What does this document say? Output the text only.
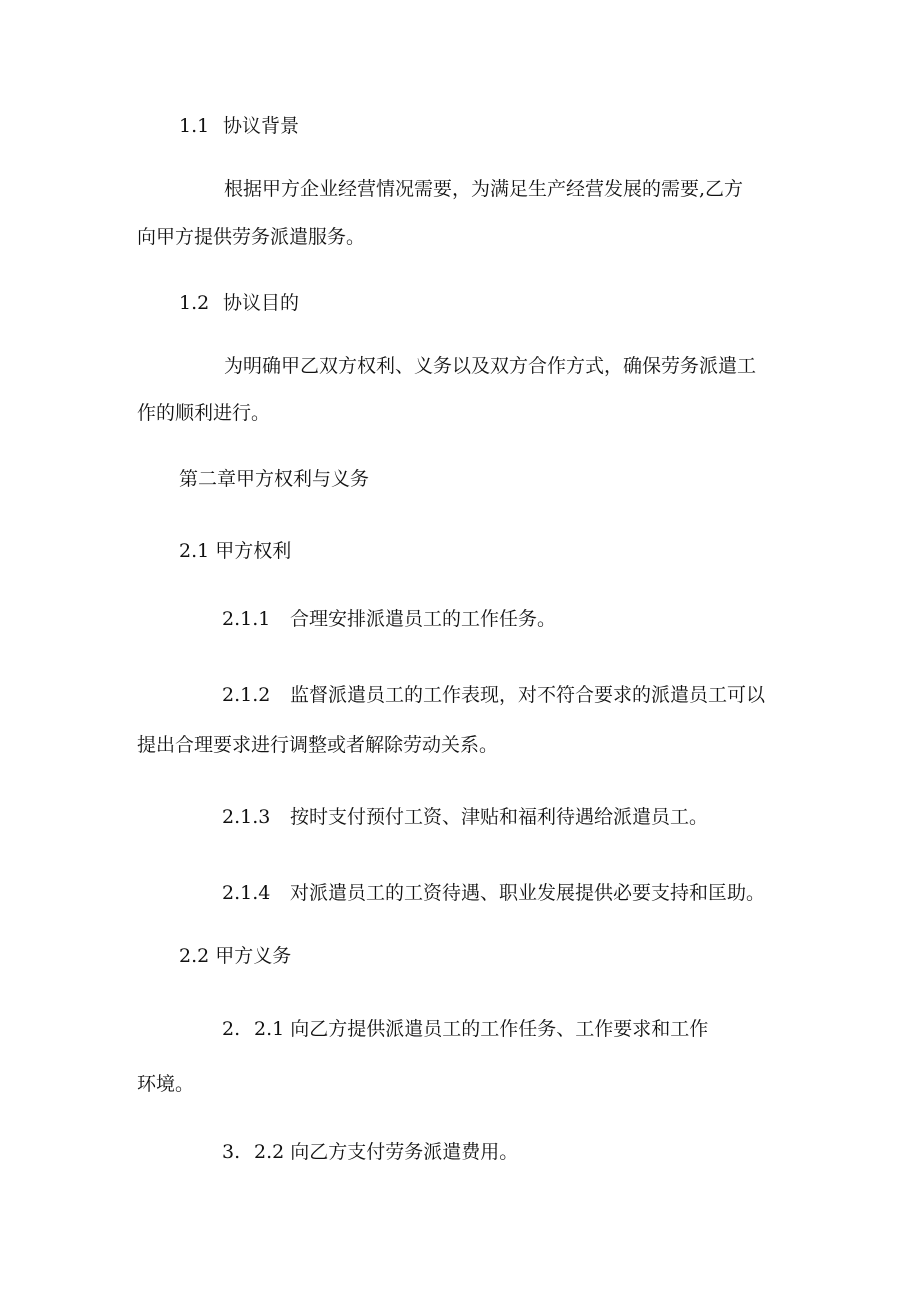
1.1 协议背景
根据甲方企业经营情况需要，为满足生产经营发展的需要,乙方
向甲方提供劳务派遣服务。
1.2 协议目的
为明确甲乙双方权利、义务以及双方合作方式，确保劳务派遣工
作的顺利进行。
第二章甲方权利与义务
2.1 甲方权利
2.1.1 合理安排派遣员工的工作任务。
2.1.2 监督派遣员工的工作表现，对不符合要求的派遣员工可以
提出合理要求进行调整或者解除劳动关系。
2.1.3 按时支付预付工资、津贴和福利待遇给派遣员工。
2.1.4 对派遣员工的工资待遇、职业发展提供必要支持和匡助。
2.2 甲方义务
2. 2.1 向乙方提供派遣员工的工作任务、工作要求和工作
环境。
3. 2.2 向乙方支付劳务派遣费用。
